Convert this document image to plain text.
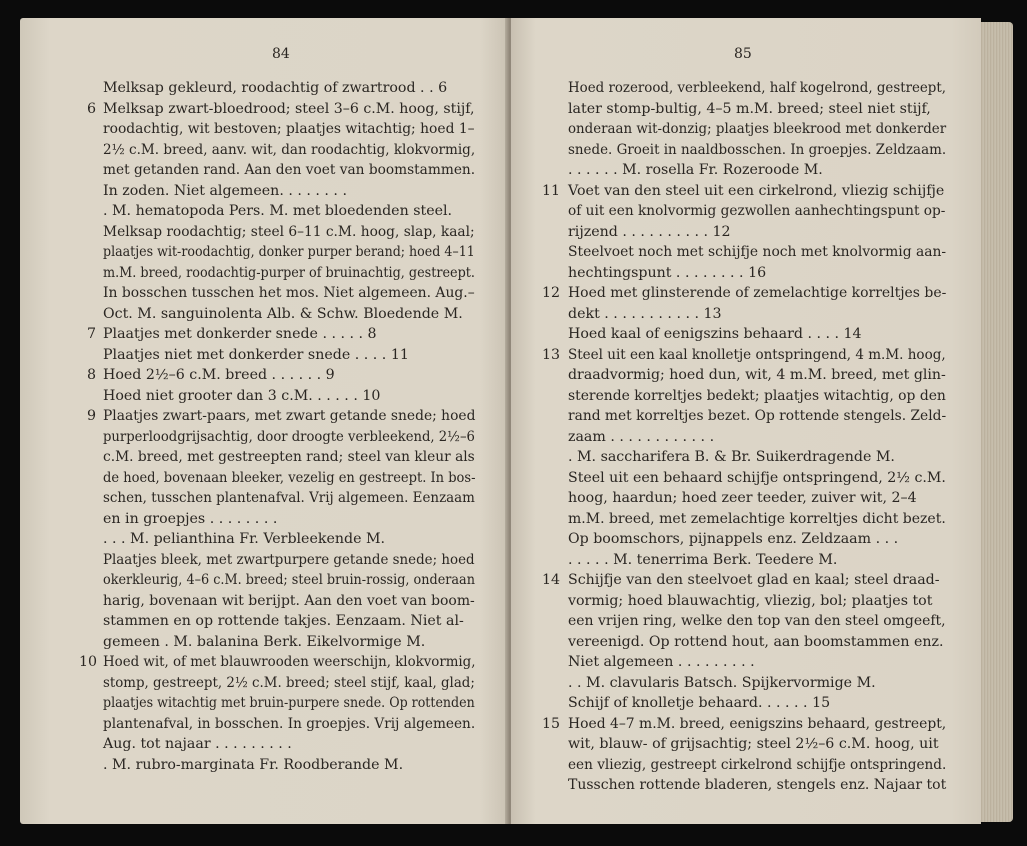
84
Melksap gekleurd, roodachtig of zwartrood . . 6
6 Melksap zwart-bloedrood; steel 3–6 c.M. hoog, stijf,
roodachtig, wit bestoven; plaatjes witachtig; hoed 1–
2½ c.M. breed, aanv. wit, dan roodachtig, klokvormig,
met getanden rand. Aan den voet van boomstammen.
In zoden. Niet algemeen. . . . . . . .
. M. hematopoda Pers. M. met bloedenden steel.
Melksap roodachtig; steel 6–11 c.M. hoog, slap, kaal;
plaatjes wit-roodachtig, donker purper berand; hoed 4–11
m.M. breed, roodachtig-purper of bruinachtig, gestreept.
In bosschen tusschen het mos. Niet algemeen. Aug.–
Oct. M. sanguinolenta Alb. & Schw. Bloedende M.
7 Plaatjes met donkerder snede . . . . . 8
Plaatjes niet met donkerder snede . . . . 11
8 Hoed 2½–6 c.M. breed . . . . . . 9
Hoed niet grooter dan 3 c.M. . . . . . 10
9 Plaatjes zwart-paars, met zwart getande snede; hoed
purperloodgrijsachtig, door droogte verbleekend, 2½–6
c.M. breed, met gestreepten rand; steel van kleur als
de hoed, bovenaan bleeker, vezelig en gestreept. In bos-
schen, tusschen plantenafval. Vrij algemeen. Eenzaam
en in groepjes . . . . . . . .
. . . M. pelianthina Fr. Verbleekende M.
Plaatjes bleek, met zwartpurpere getande snede; hoed
okerkleurig, 4–6 c.M. breed; steel bruin-rossig, onderaan
harig, bovenaan wit berijpt. Aan den voet van boom-
stammen en op rottende takjes. Eenzaam. Niet al-
gemeen . M. balanina Berk. Eikelvormige M.
10 Hoed wit, of met blauwrooden weerschijn, klokvormig,
stomp, gestreept, 2½ c.M. breed; steel stijf, kaal, glad;
plaatjes witachtig met bruin-purpere snede. Op rottenden
plantenafval, in bosschen. In groepjes. Vrij algemeen.
Aug. tot najaar . . . . . . . . .
. M. rubro-marginata Fr. Roodberande M.
85
Hoed rozerood, verbleekend, half kogelrond, gestreept,
later stomp-bultig, 4–5 m.M. breed; steel niet stijf,
onderaan wit-donzig; plaatjes bleekrood met donkerder
snede. Groeit in naaldbosschen. In groepjes. Zeldzaam.
. . . . . . M. rosella Fr. Rozeroode M.
11 Voet van den steel uit een cirkelrond, vliezig schijfje
of uit een knolvormig gezwollen aanhechtingspunt op-
rijzend . . . . . . . . . . 12
Steelvoet noch met schijfje noch met knolvormig aan-
hechtingspunt . . . . . . . . 16
12 Hoed met glinsterende of zemelachtige korreltjes be-
dekt . . . . . . . . . . . 13
Hoed kaal of eenigszins behaard . . . . 14
13 Steel uit een kaal knolletje ontspringend, 4 m.M. hoog,
draadvormig; hoed dun, wit, 4 m.M. breed, met glin-
sterende korreltjes bedekt; plaatjes witachtig, op den
rand met korreltjes bezet. Op rottende stengels. Zeld-
zaam . . . . . . . . . . . .
. M. saccharifera B. & Br. Suikerdragende M.
Steel uit een behaard schijfje ontspringend, 2½ c.M.
hoog, haardun; hoed zeer teeder, zuiver wit, 2–4
m.M. breed, met zemelachtige korreltjes dicht bezet.
Op boomschors, pijnappels enz. Zeldzaam . . .
. . . . . M. tenerrima Berk. Teedere M.
14 Schijfje van den steelvoet glad en kaal; steel draad-
vormig; hoed blauwachtig, vliezig, bol; plaatjes tot
een vrijen ring, welke den top van den steel omgeeft,
vereenigd. Op rottend hout, aan boomstammen enz.
Niet algemeen . . . . . . . . .
. . M. clavularis Batsch. Spijkervormige M.
Schijf of knolletje behaard. . . . . . 15
15 Hoed 4–7 m.M. breed, eenigszins behaard, gestreept,
wit, blauw- of grijsachtig; steel 2½–6 c.M. hoog, uit
een vliezig, gestreept cirkelrond schijfje ontspringend.
Tusschen rottende bladeren, stengels enz. Najaar tot
